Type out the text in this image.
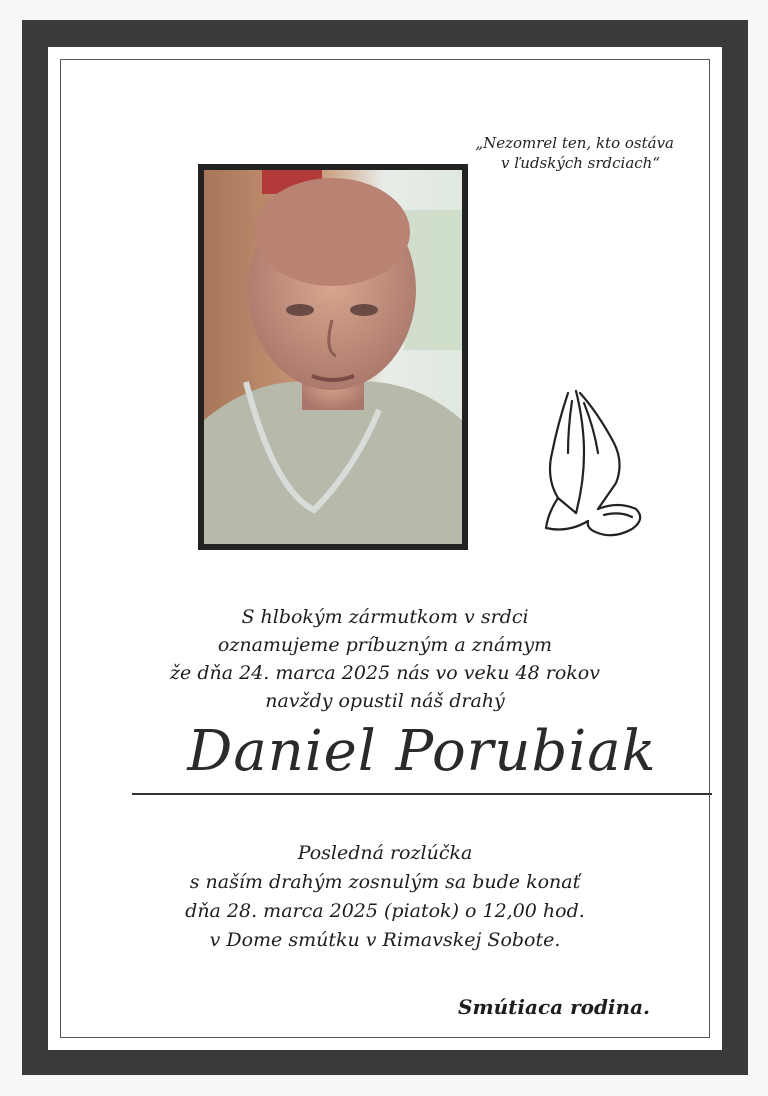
„Nezomrel ten, kto ostáva
v ľudských srdciach“
S hlbokým zármutkom v srdci
oznamujeme príbuzným a známym
že dňa 24. marca 2025 nás vo veku 48 rokov
navždy opustil náš drahý
Daniel Porubiak
Posledná rozlúčka
s naším drahým zosnulým sa bude konať
dňa 28. marca 2025 (piatok) o 12,00 hod.
v Dome smútku v Rimavskej Sobote.
Smútiaca rodina.
